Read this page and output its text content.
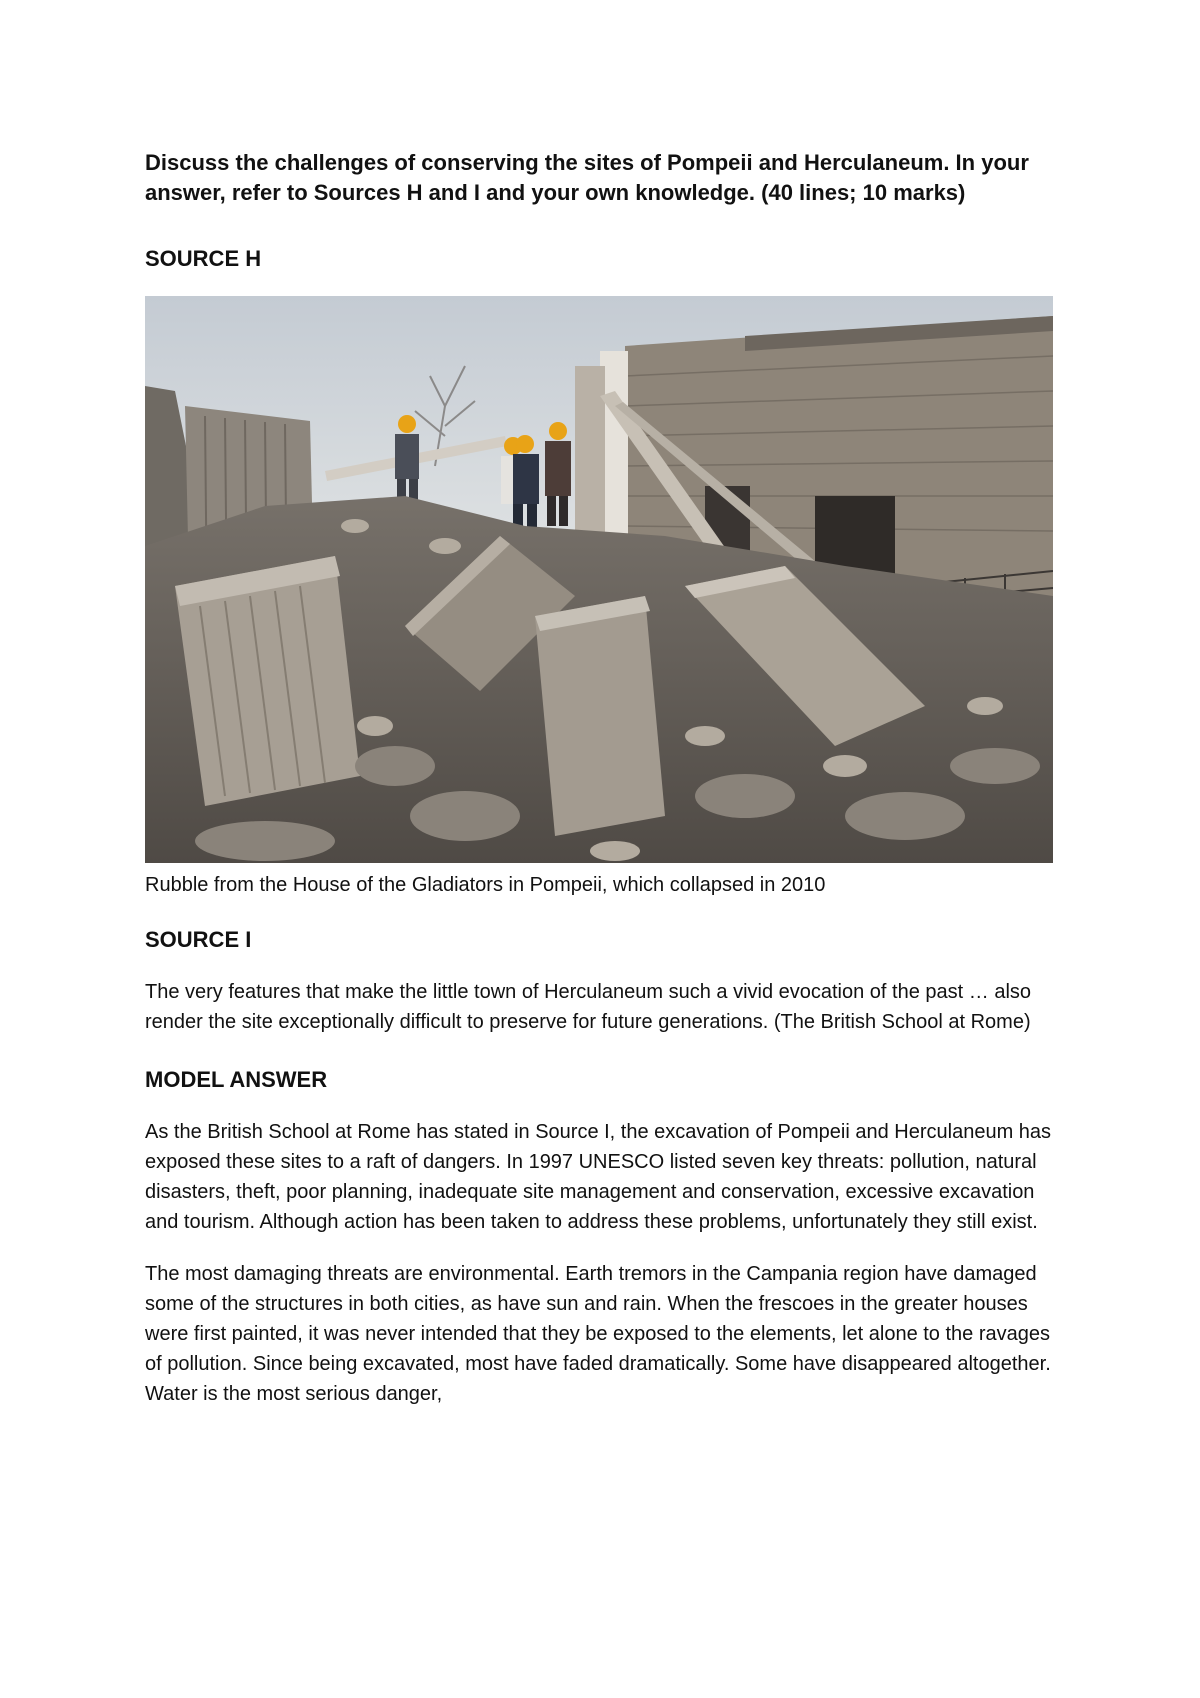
Discuss the challenges of conserving the sites of Pompeii and Herculaneum. In your answer, refer to Sources H and I and your own knowledge. (40 lines; 10 marks)

SOURCE H

Rubble from the House of the Gladiators in Pompeii, which collapsed in 2010

SOURCE I

The very features that make the little town of Herculaneum such a vivid evocation of the past … also render the site exceptionally difficult to preserve for future generations. (The British School at Rome)

MODEL ANSWER

As the British School at Rome has stated in Source I, the excavation of Pompeii and Herculaneum has exposed these sites to a raft of dangers. In 1997 UNESCO listed seven key threats: pollution, natural disasters, theft, poor planning, inadequate site management and conservation, excessive excavation and tourism. Although action has been taken to address these problems, unfortunately they still exist.

The most damaging threats are environmental. Earth tremors in the Campania region have damaged some of the structures in both cities, as have sun and rain. When the frescoes in the greater houses were first painted, it was never intended that they be exposed to the elements, let alone to the ravages of pollution. Since being excavated, most have faded dramatically. Some have disappeared altogether. Water is the most serious danger,
